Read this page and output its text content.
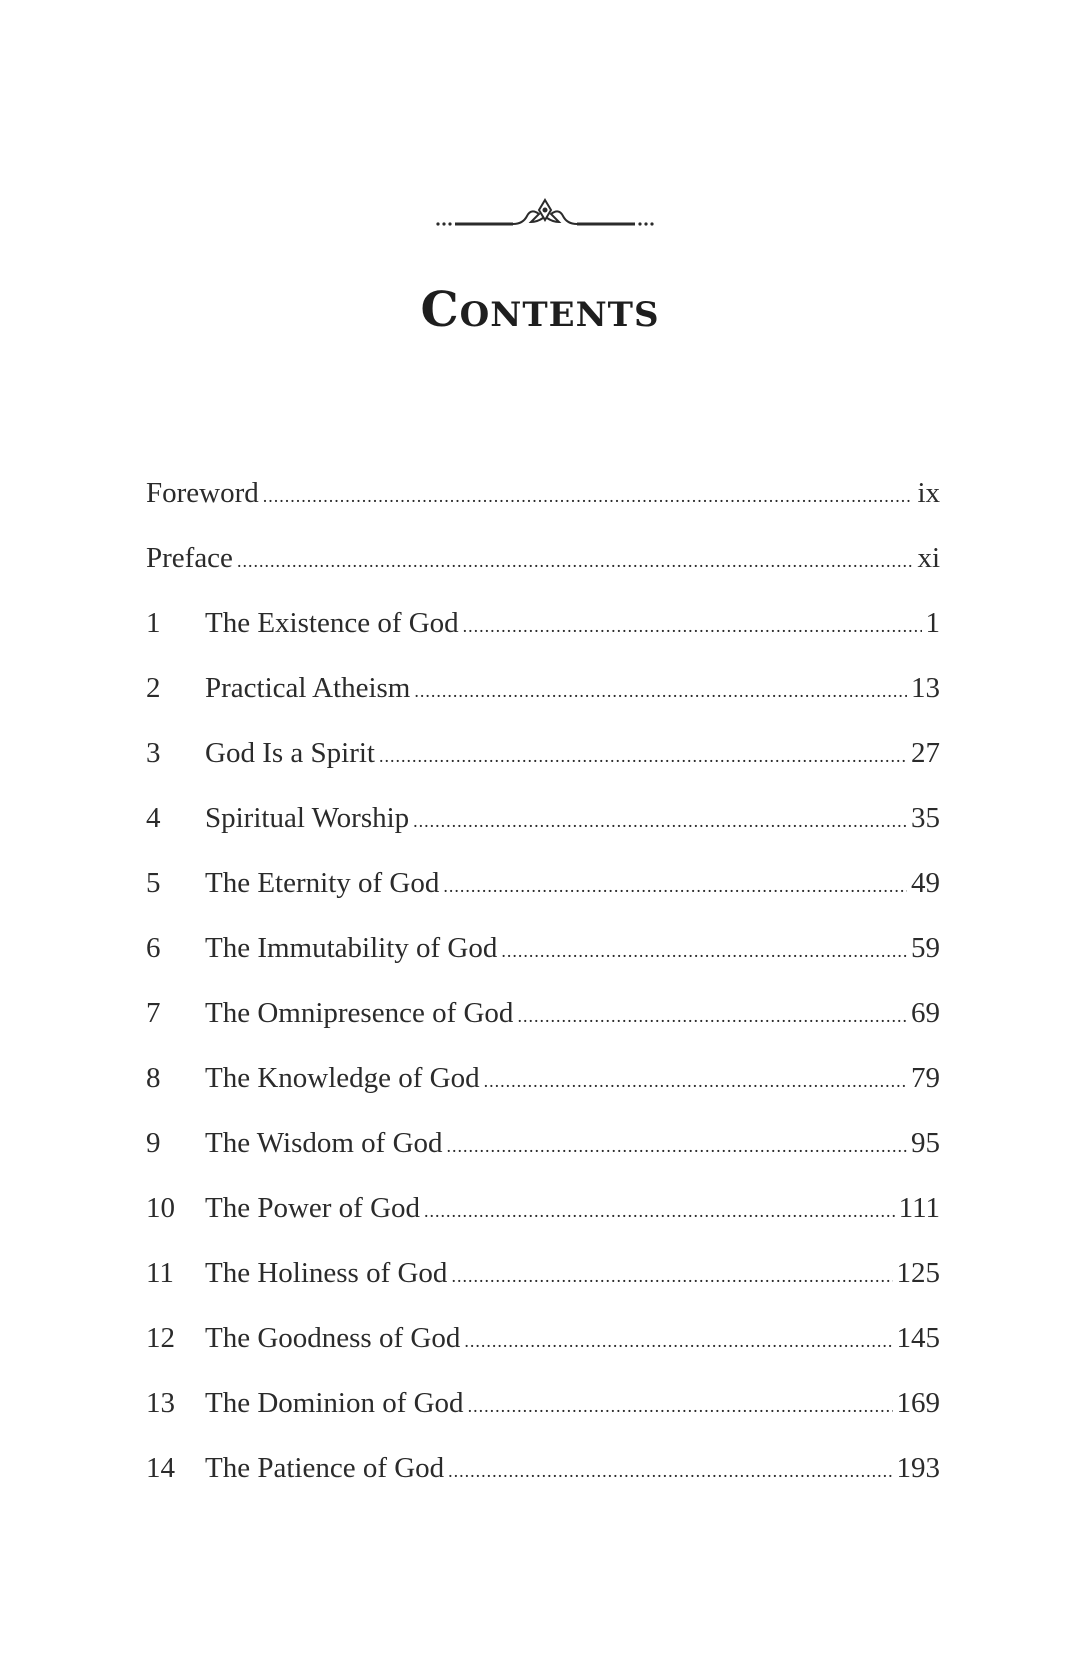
Contents
Foreword .....	ix
Preface .....	xi
1	The Existence of God .....	1
2	Practical Atheism .....	13
3	God Is a Spirit .....	27
4	Spiritual Worship .....	35
5	The Eternity of God .....	49
6	The Immutability of God .....	59
7	The Omnipresence of God .....	69
8	The Knowledge of God .....	79
9	The Wisdom of God .....	95
10	The Power of God .....	111
11	The Holiness of God .....	125
12	The Goodness of God .....	145
13	The Dominion of God .....	169
14	The Patience of God .....	193
